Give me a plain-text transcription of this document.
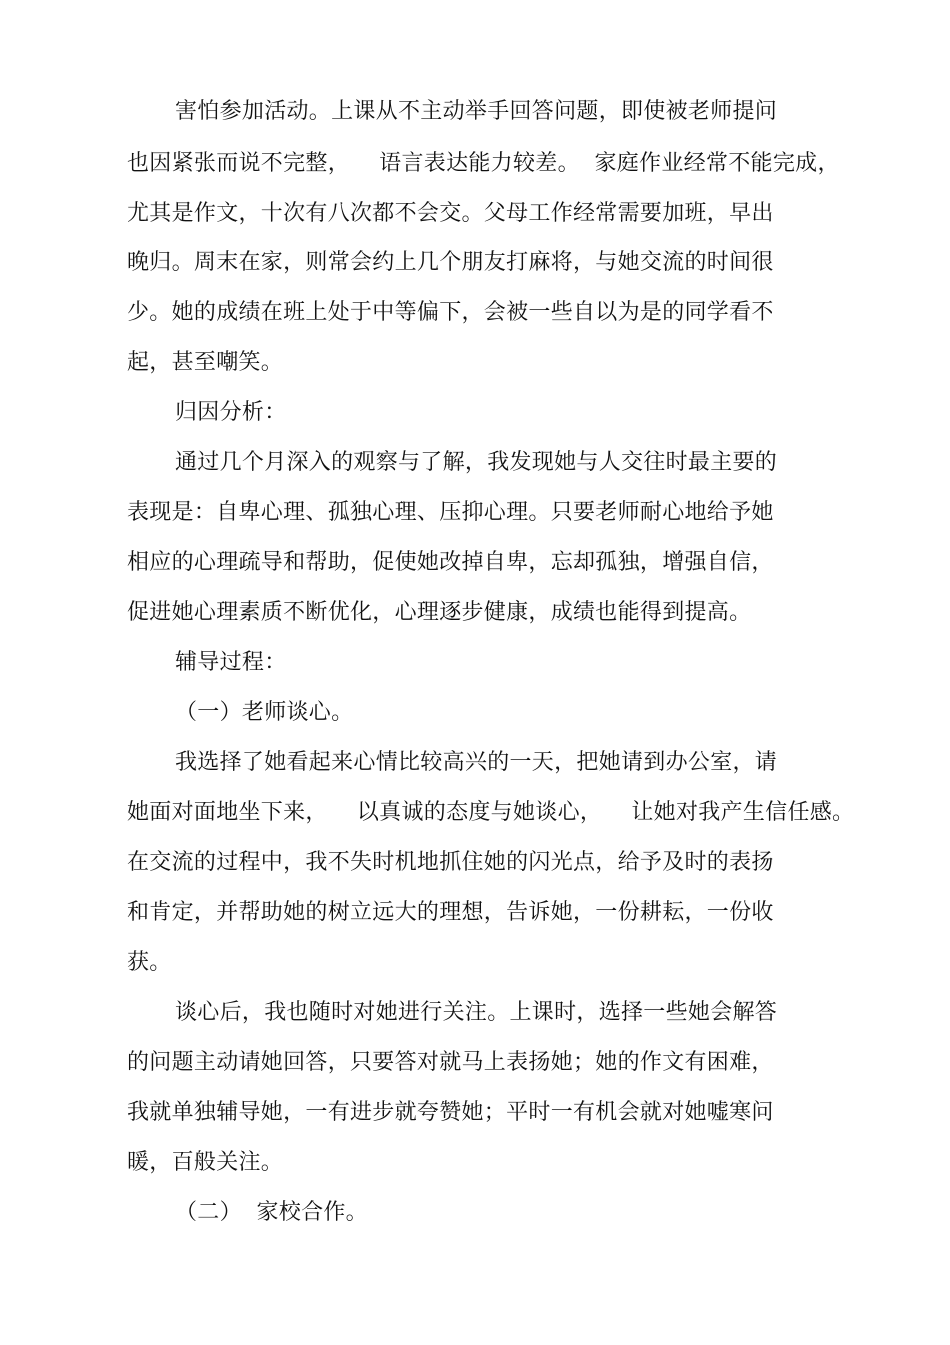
害怕参加活动。上课从不主动举手回答问题，即使被老师提问
也因紧张而说不完整，    语言表达能力较差。  家庭作业经常不能完成，
尤其是作文，十次有八次都不会交。父母工作经常需要加班，早出
晚归。周末在家，则常会约上几个朋友打麻将，与她交流的时间很
少。她的成绩在班上处于中等偏下，会被一些自以为是的同学看不
起，甚至嘲笑。
归因分析：
通过几个月深入的观察与了解，我发现她与人交往时最主要的
表现是：自卑心理、孤独心理、压抑心理。只要老师耐心地给予她
相应的心理疏导和帮助，促使她改掉自卑，忘却孤独，增强自信，
促进她心理素质不断优化，心理逐步健康，成绩也能得到提高。
辅导过程：
（一）老师谈心。
我选择了她看起来心情比较高兴的一天，把她请到办公室，请
她面对面地坐下来，    以真诚的态度与她谈心，    让她对我产生信任感。
在交流的过程中，我不失时机地抓住她的闪光点，给予及时的表扬
和肯定，并帮助她的树立远大的理想，告诉她，一份耕耘，一份收
获。
谈心后，我也随时对她进行关注。上课时，选择一些她会解答
的问题主动请她回答，只要答对就马上表扬她；她的作文有困难，
我就单独辅导她，一有进步就夸赞她；平时一有机会就对她嘘寒问
暖，百般关注。
（二）  家校合作。
